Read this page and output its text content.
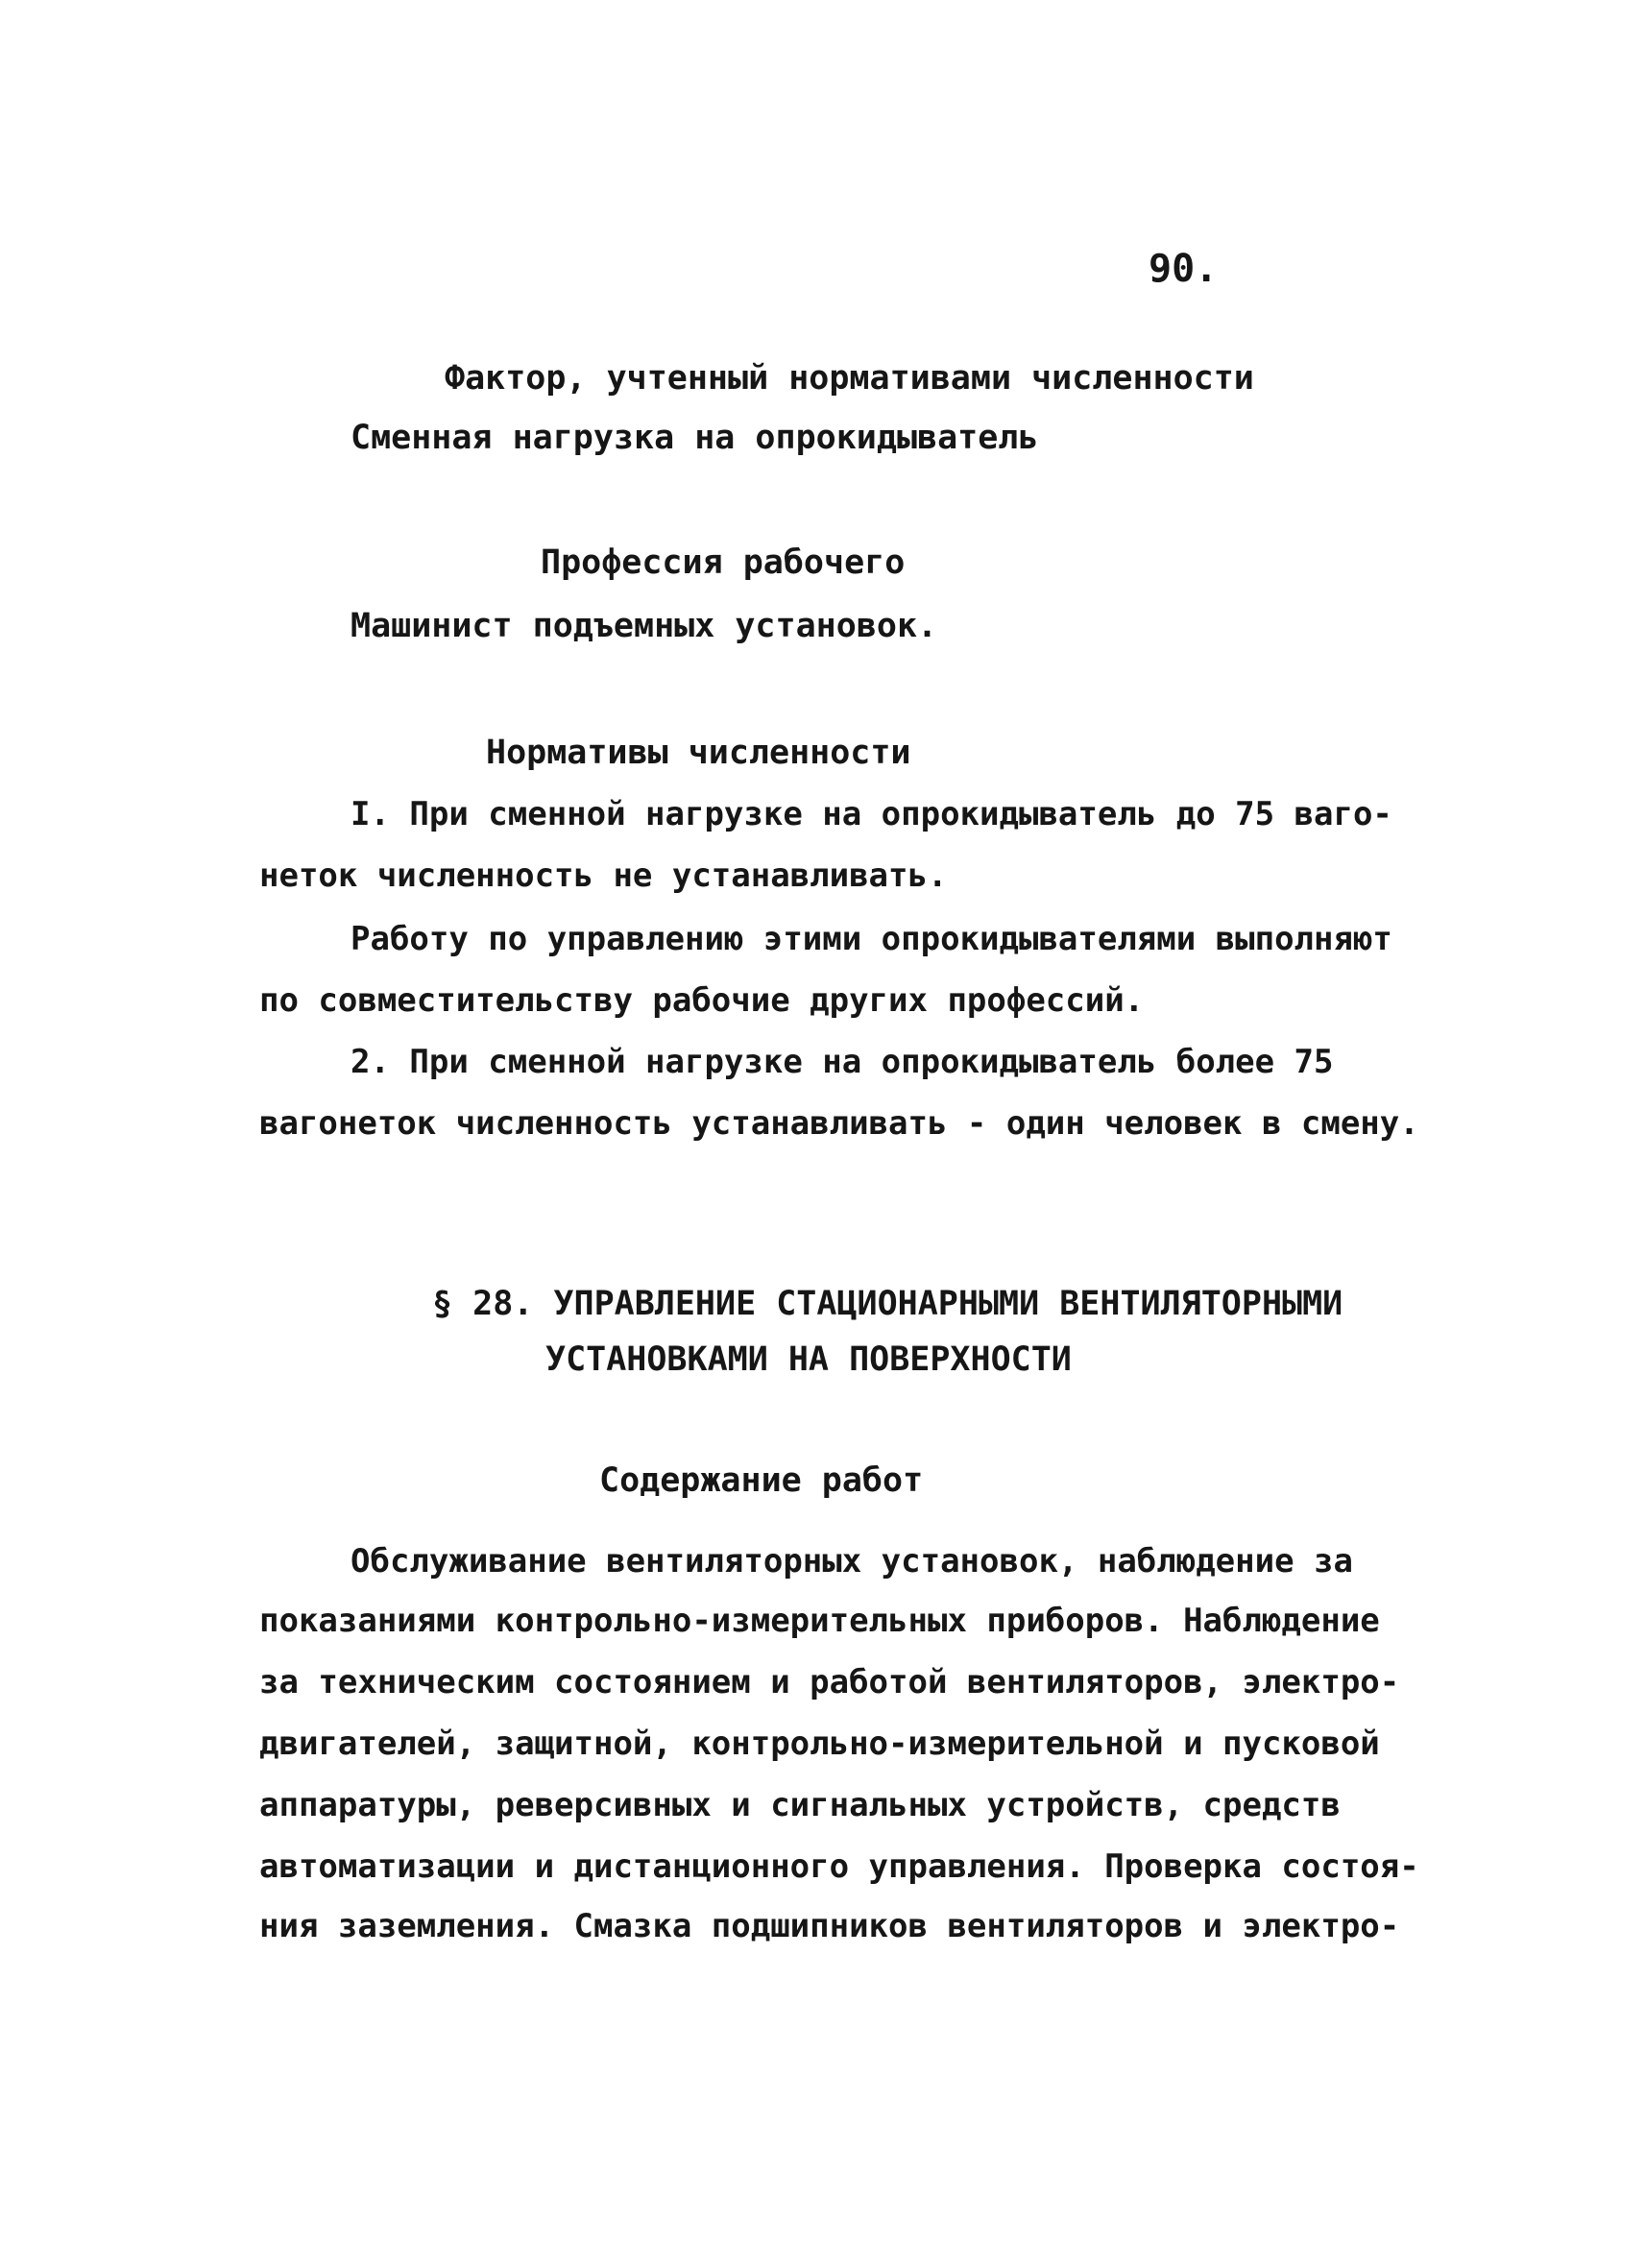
90.
Фактор, учтенный нормативами численности
Сменная нагрузка на опрокидыватель
Профессия рабочего
Машинист подъемных установок.
Нормативы численности
I. При сменной нагрузке на опрокидыватель до 75 ваго-
неток численность не устанавливать.
Работу по управлению этими опрокидывателями выполняют
по совместительству рабочие других профессий.
2. При сменной нагрузке на опрокидыватель более 75
вагонеток численность устанавливать - один человек в смену.
§ 28. УПРАВЛЕНИЕ СТАЦИОНАРНЫМИ ВЕНТИЛЯТОРНЫМИ
УСТАНОВКАМИ НА ПОВЕРХНОСТИ
Содержание работ
Обслуживание вентиляторных установок, наблюдение за
показаниями контрольно-измерительных приборов. Наблюдение
за техническим состоянием и работой вентиляторов, электро-
двигателей, защитной, контрольно-измерительной и пусковой
аппаратуры, реверсивных и сигнальных устройств, средств
автоматизации и дистанционного управления. Проверка состоя-
ния заземления. Смазка подшипников вентиляторов и электро-
